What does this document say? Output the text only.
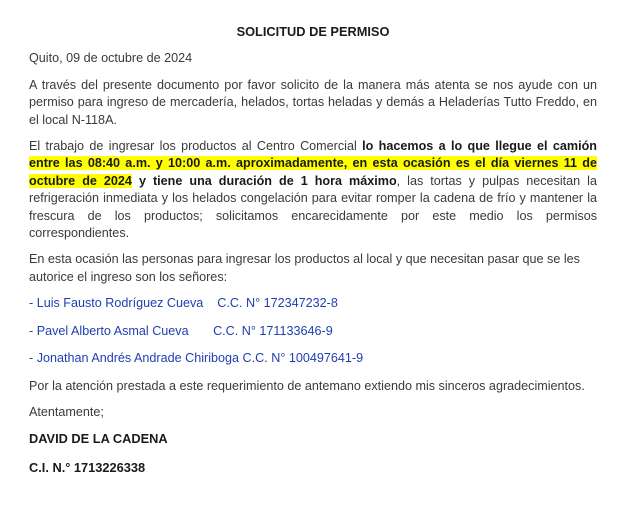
SOLICITUD DE PERMISO

Quito, 09 de octubre de 2024

A través del presente documento por favor solicito de la manera más atenta se nos ayude con un permiso para ingreso de mercadería, helados, tortas heladas y demás a Heladerías Tutto Freddo, en el local N-118A.

El trabajo de ingresar los productos al Centro Comercial lo hacemos a lo que llegue el camión entre las 08:40 a.m. y 10:00 a.m. aproximadamente, en esta ocasión es el día viernes 11 de octubre de 2024 y tiene una duración de 1 hora máximo, las tortas y pulpas necesitan la refrigeración inmediata y los helados congelación para evitar romper la cadena de frío y mantener la frescura de los productos; solicitamos encarecidamente por este medio los permisos correspondientes.

En esta ocasión las personas para ingresar los productos al local y que necesitan pasar que se les autorice el ingreso son los señores:

- Luis Fausto Rodríguez Cueva    C.C. N° 172347232-8
- Pavel Alberto Asmal Cueva       C.C. N° 171133646-9
- Jonathan Andrés Andrade Chiriboga C.C. N° 100497641-9

Por la atención prestada a este requerimiento de antemano extiendo mis sinceros agradecimientos.

Atentamente;

DAVID DE LA CADENA
C.I. N.° 1713226338
